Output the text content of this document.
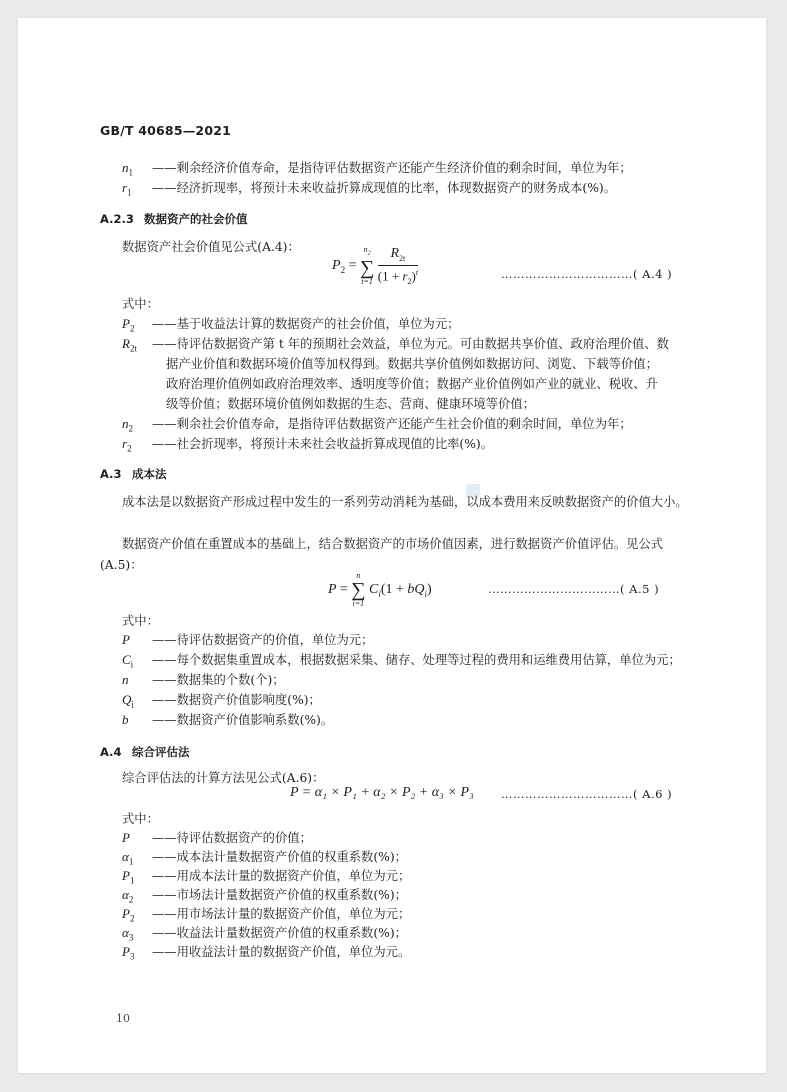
GB/T 40685—2021
$n_1$ ——剩余经济价值寿命，是指待评估数据资产还能产生经济价值的剩余时间，单位为年；
$r_1$ ——经济折现率，将预计未来收益折算成现值的比率，体现数据资产的财务成本(%)。
A.2.3 数据资产的社会价值
数据资产社会价值见公式(A.4)：
$P_2$ =
$n_2$
∑
t=1
$\frac{R_{2t}}{(1 + r_2)^t}$	……………………………( A.4 )
式中：
$P_2$ ——基于收益法计算的数据资产的社会价值，单位为元；
$R_{2t}$ ——待评估数据资产第 t 年的预期社会效益，单位为元。可由数据共享价值、政府治理价值、数
据产业价值和数据环境价值等加权得到。数据共享价值例如数据访问、浏览、下载等价值；
政府治理价值例如政府治理效率、透明度等价值；数据产业价值例如产业的就业、税收、升
级等价值；数据环境价值例如数据的生态、营商、健康环境等价值；
$n_2$ ——剩余社会价值寿命，是指待评估数据资产还能产生社会价值的剩余时间，单位为年；
$r_2$ ——社会折现率，将预计未来社会收益折算成现值的比率(%)。
A.3 成本法
成本法是以数据资产形成过程中发生的一系列劳动消耗为基础，以成本费用来反映数据资产的价值大小。
数据资产价值在重置成本的基础上，结合数据资产的市场价值因素，进行数据资产价值评估。见公式(A.5)：
P =
n
∑
i=1
$C_i(1 + bQ_i)$	……………………………( A.5 )
式中：
P ——待评估数据资产的价值，单位为元；
$C_i$ ——每个数据集重置成本，根据数据采集、储存、处理等过程的费用和运维费用估算，单位为元；
n ——数据集的个数(个)；
$Q_i$ ——数据资产价值影响度(%)；
b ——数据资产价值影响系数(%)。
A.4 综合评估法
综合评估法的计算方法见公式(A.6)：
P = α₁ × P₁ + α₂ × P₂ + α₃ × P₃ ……………………………( A.6 )
式中：
P ——待评估数据资产的价值；
$\alpha_1$ ——成本法计量数据资产价值的权重系数(%)；
$P_1$ ——用成本法计量的数据资产价值，单位为元；
$\alpha_2$ ——市场法计量数据资产价值的权重系数(%)；
$P_2$ ——用市场法计量的数据资产价值，单位为元；
$\alpha_3$ ——收益法计量数据资产价值的权重系数(%)；
$P_3$ ——用收益法计量的数据资产价值，单位为元。
10
